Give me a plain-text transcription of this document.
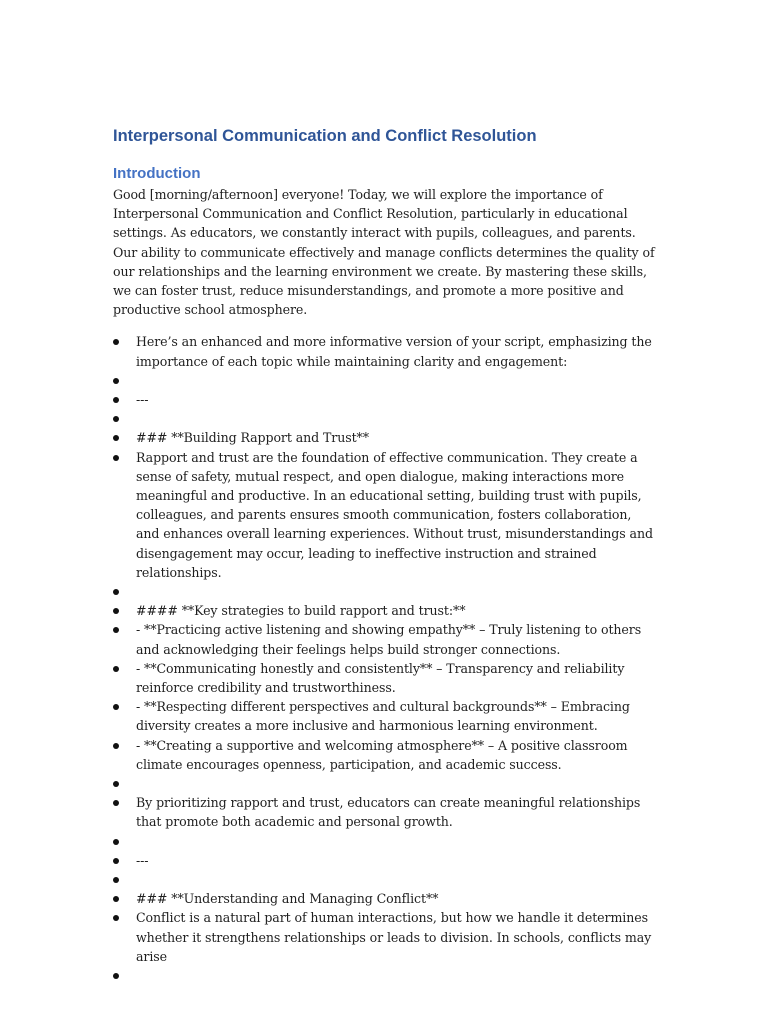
Interpersonal Communication and Conflict Resolution
Introduction

Good [morning/afternoon] everyone! Today, we will explore the importance of Interpersonal Communication and Conflict Resolution, particularly in educational settings. As educators, we constantly interact with pupils, colleagues, and parents. Our ability to communicate effectively and manage conflicts determines the quality of our relationships and the learning environment we create. By mastering these skills, we can foster trust, reduce misunderstandings, and promote a more positive and productive school atmosphere.

Here’s an enhanced and more informative version of your script, emphasizing the importance of each topic while maintaining clarity and engagement:
---
### **Building Rapport and Trust**
Rapport and trust are the foundation of effective communication. They create a sense of safety, mutual respect, and open dialogue, making interactions more meaningful and productive. In an educational setting, building trust with pupils, colleagues, and parents ensures smooth communication, fosters collaboration, and enhances overall learning experiences. Without trust, misunderstandings and disengagement may occur, leading to ineffective instruction and strained relationships.
#### **Key strategies to build rapport and trust:**
- **Practicing active listening and showing empathy** – Truly listening to others and acknowledging their feelings helps build stronger connections.
- **Communicating honestly and consistently** – Transparency and reliability reinforce credibility and trustworthiness.
- **Respecting different perspectives and cultural backgrounds** – Embracing diversity creates a more inclusive and harmonious learning environment.
- **Creating a supportive and welcoming atmosphere** – A positive classroom climate encourages openness, participation, and academic success.
By prioritizing rapport and trust, educators can create meaningful relationships that promote both academic and personal growth.
---
### **Understanding and Managing Conflict**
Conflict is a natural part of human interactions, but how we handle it determines whether it strengthens relationships or leads to division. In schools, conflicts may arise
